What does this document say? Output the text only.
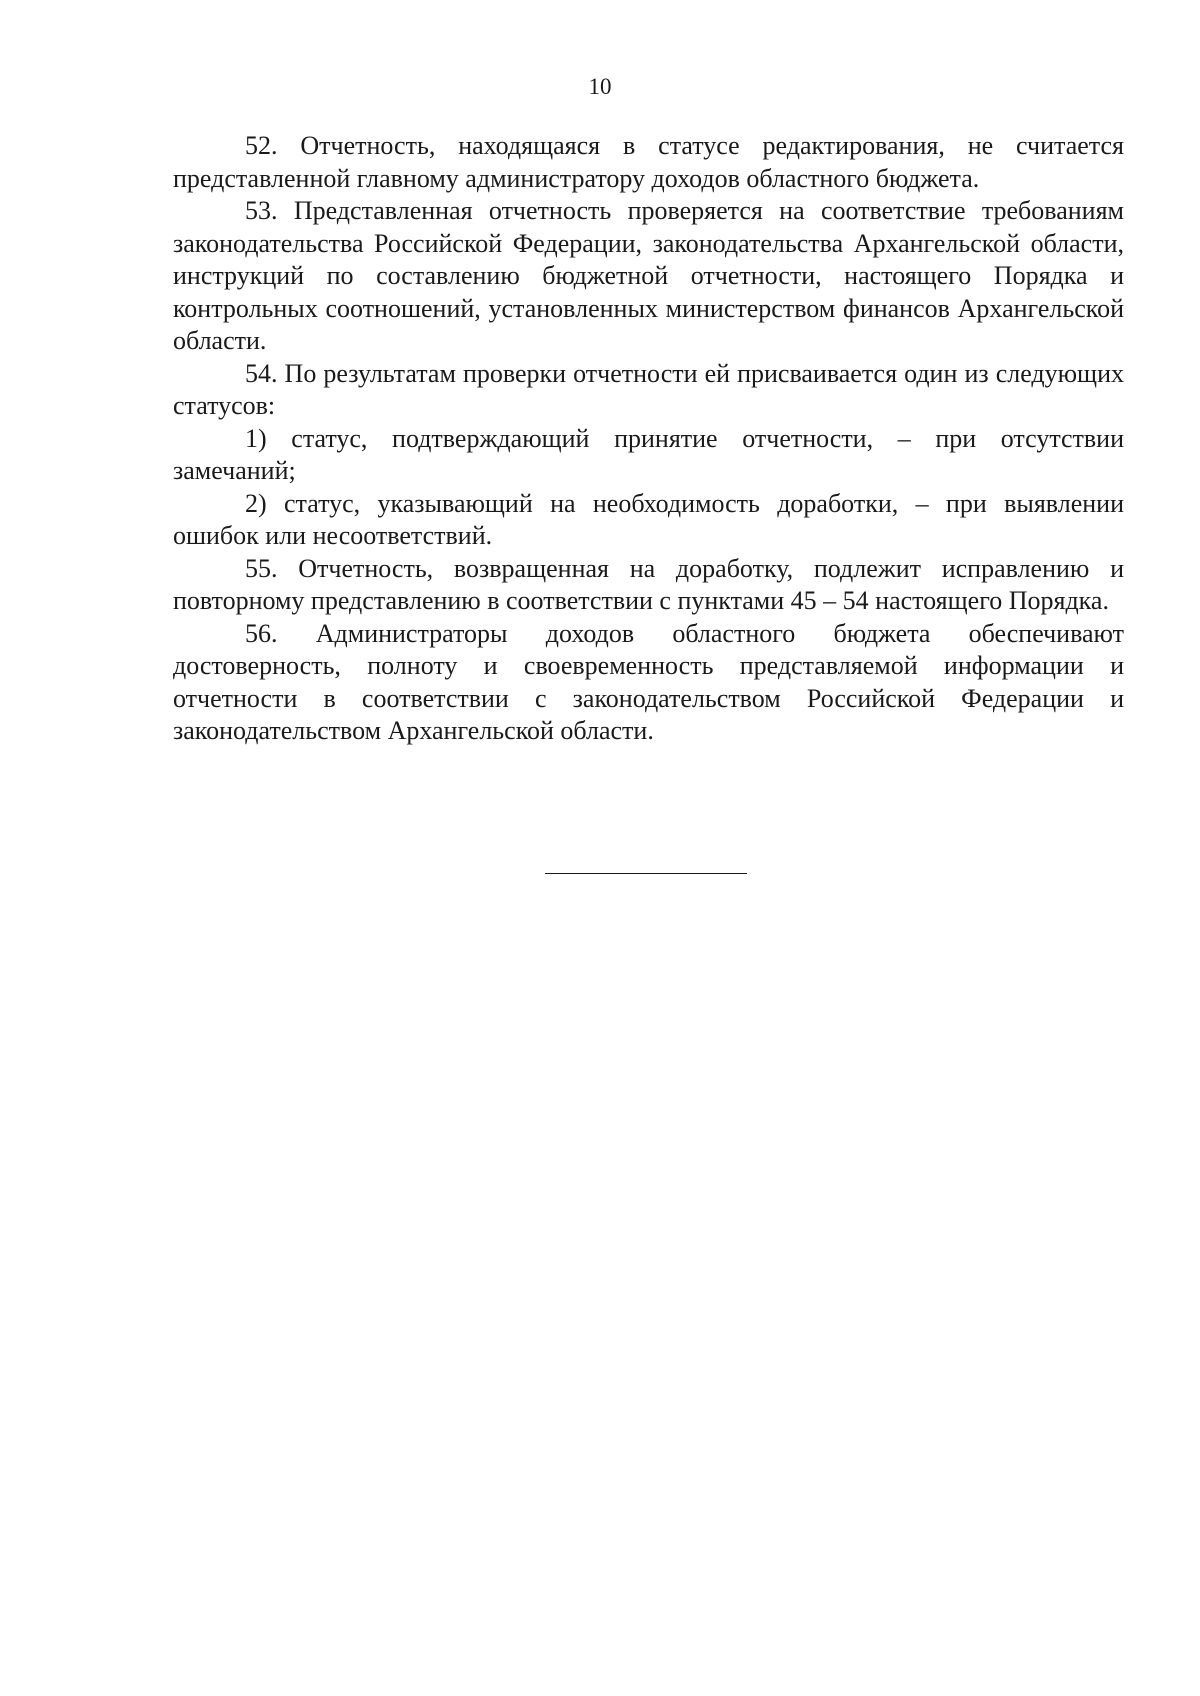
10

52. Отчетность, находящаяся в статусе редактирования, не считается представленной главному администратору доходов областного бюджета.

53. Представленная отчетность проверяется на соответствие требованиям законодательства Российской Федерации, законодательства Архангельской области, инструкций по составлению бюджетной отчетности, настоящего Порядка и контрольных соотношений, установленных министерством финансов Архангельской области.

54. По результатам проверки отчетности ей присваивается один из следующих статусов:

1) статус, подтверждающий принятие отчетности, – при отсутствии замечаний;

2) статус, указывающий на необходимость доработки, – при выявлении ошибок или несоответствий.

55. Отчетность, возвращенная на доработку, подлежит исправлению и повторному представлению в соответствии с пунктами 45 – 54 настоящего Порядка.

56. Администраторы доходов областного бюджета обеспечивают достоверность, полноту и своевременность представляемой информации и отчетности в соответствии с законодательством Российской Федерации и законодательством Архангельской области.
